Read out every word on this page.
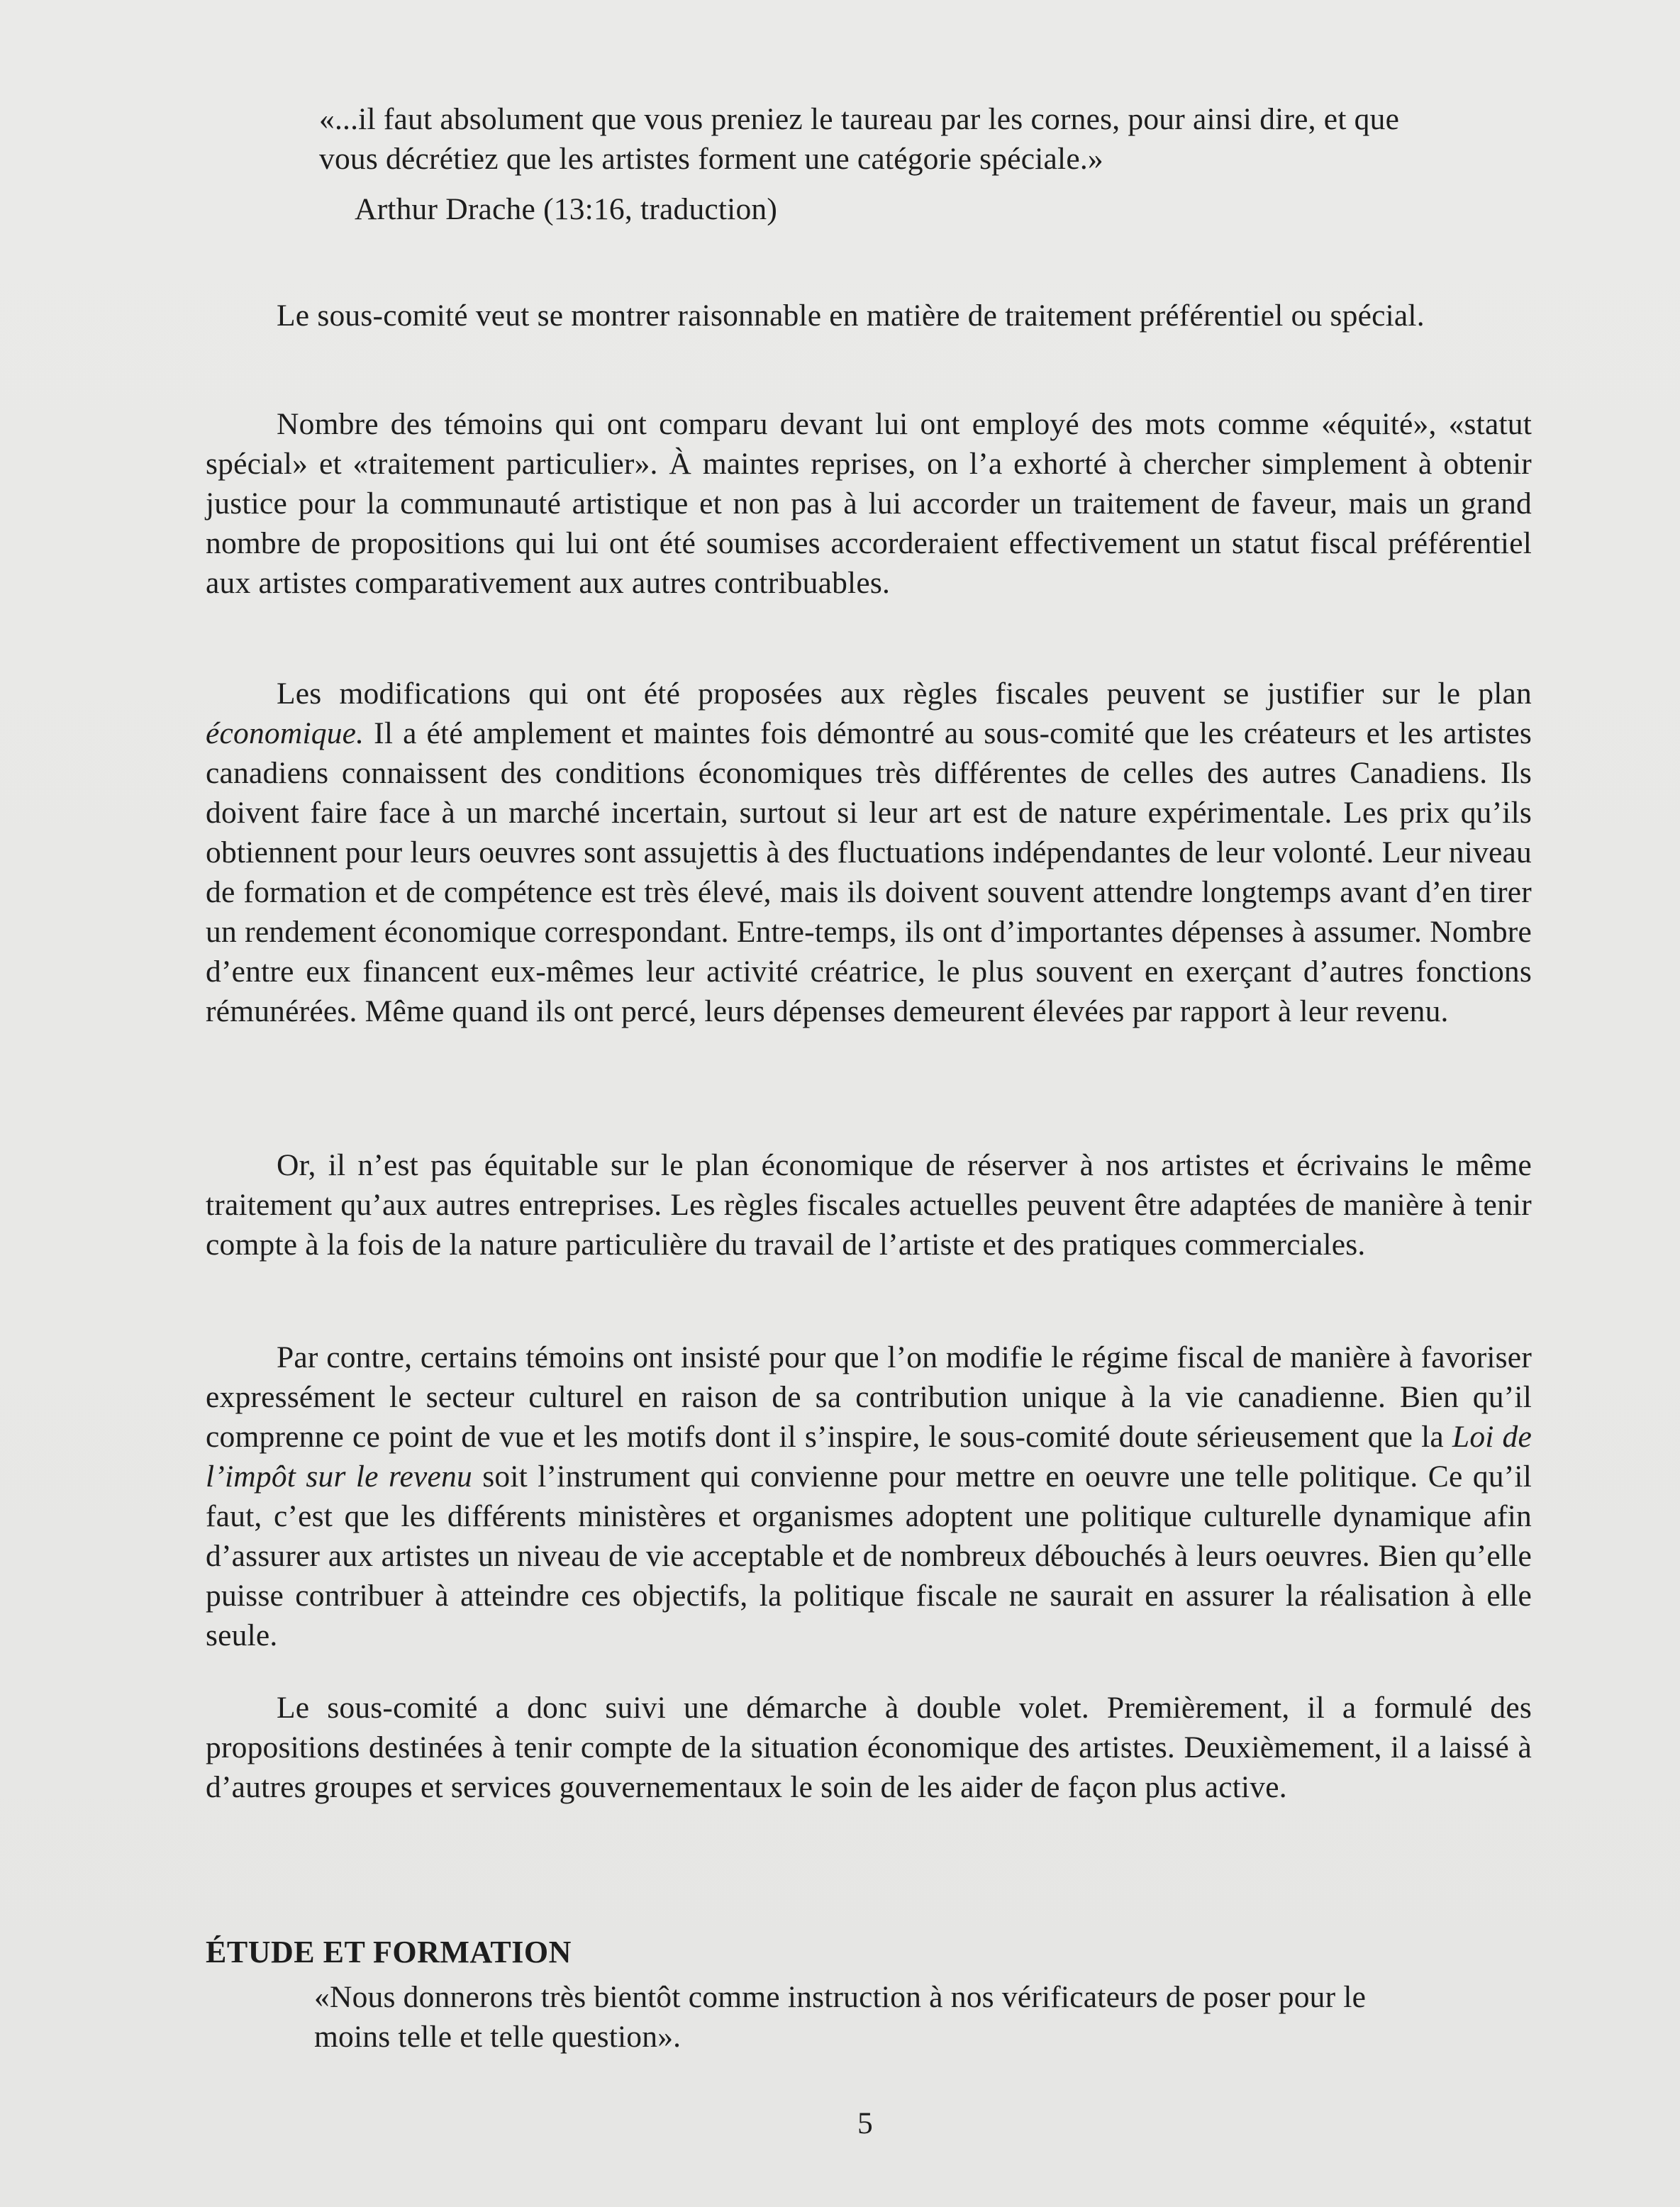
«...il faut absolument que vous preniez le taureau par les cornes, pour ainsi dire, et que vous décrétiez que les artistes forment une catégorie spéciale.»
Arthur Drache (13:16, traduction)

Le sous-comité veut se montrer raisonnable en matière de traitement préférentiel ou spécial.

Nombre des témoins qui ont comparu devant lui ont employé des mots comme «équité», «statut spécial» et «traitement particulier». À maintes reprises, on l’a exhorté à chercher simplement à obtenir justice pour la communauté artistique et non pas à lui accorder un traitement de faveur, mais un grand nombre de propositions qui lui ont été soumises accorderaient effectivement un statut fiscal préférentiel aux artistes comparativement aux autres contribuables.

Les modifications qui ont été proposées aux règles fiscales peuvent se justifier sur le plan économique. Il a été amplement et maintes fois démontré au sous-comité que les créateurs et les artistes canadiens connaissent des conditions économiques très différentes de celles des autres Canadiens. Ils doivent faire face à un marché incertain, surtout si leur art est de nature expérimentale. Les prix qu’ils obtiennent pour leurs oeuvres sont assujettis à des fluctuations indépendantes de leur volonté. Leur niveau de formation et de compétence est très élevé, mais ils doivent souvent attendre longtemps avant d’en tirer un rendement économique correspondant. Entre-temps, ils ont d’importantes dépenses à assumer. Nombre d’entre eux financent eux-mêmes leur activité créatrice, le plus souvent en exerçant d’autres fonctions rémunérées. Même quand ils ont percé, leurs dépenses demeurent élevées par rapport à leur revenu.

Or, il n’est pas équitable sur le plan économique de réserver à nos artistes et écrivains le même traitement qu’aux autres entreprises. Les règles fiscales actuelles peuvent être adaptées de manière à tenir compte à la fois de la nature particulière du travail de l’artiste et des pratiques commerciales.

Par contre, certains témoins ont insisté pour que l’on modifie le régime fiscal de manière à favoriser expressément le secteur culturel en raison de sa contribution unique à la vie canadienne. Bien qu’il comprenne ce point de vue et les motifs dont il s’inspire, le sous-comité doute sérieusement que la Loi de l’impôt sur le revenu soit l’instrument qui convienne pour mettre en oeuvre une telle politique. Ce qu’il faut, c’est que les différents ministères et organismes adoptent une politique culturelle dynamique afin d’assurer aux artistes un niveau de vie acceptable et de nombreux débouchés à leurs oeuvres. Bien qu’elle puisse contribuer à atteindre ces objectifs, la politique fiscale ne saurait en assurer la réalisation à elle seule.

Le sous-comité a donc suivi une démarche à double volet. Premièrement, il a formulé des propositions destinées à tenir compte de la situation économique des artistes. Deuxièmement, il a laissé à d’autres groupes et services gouvernementaux le soin de les aider de façon plus active.

ÉTUDE ET FORMATION
«Nous donnerons très bientôt comme instruction à nos vérificateurs de poser pour le moins telle et telle question».
5
